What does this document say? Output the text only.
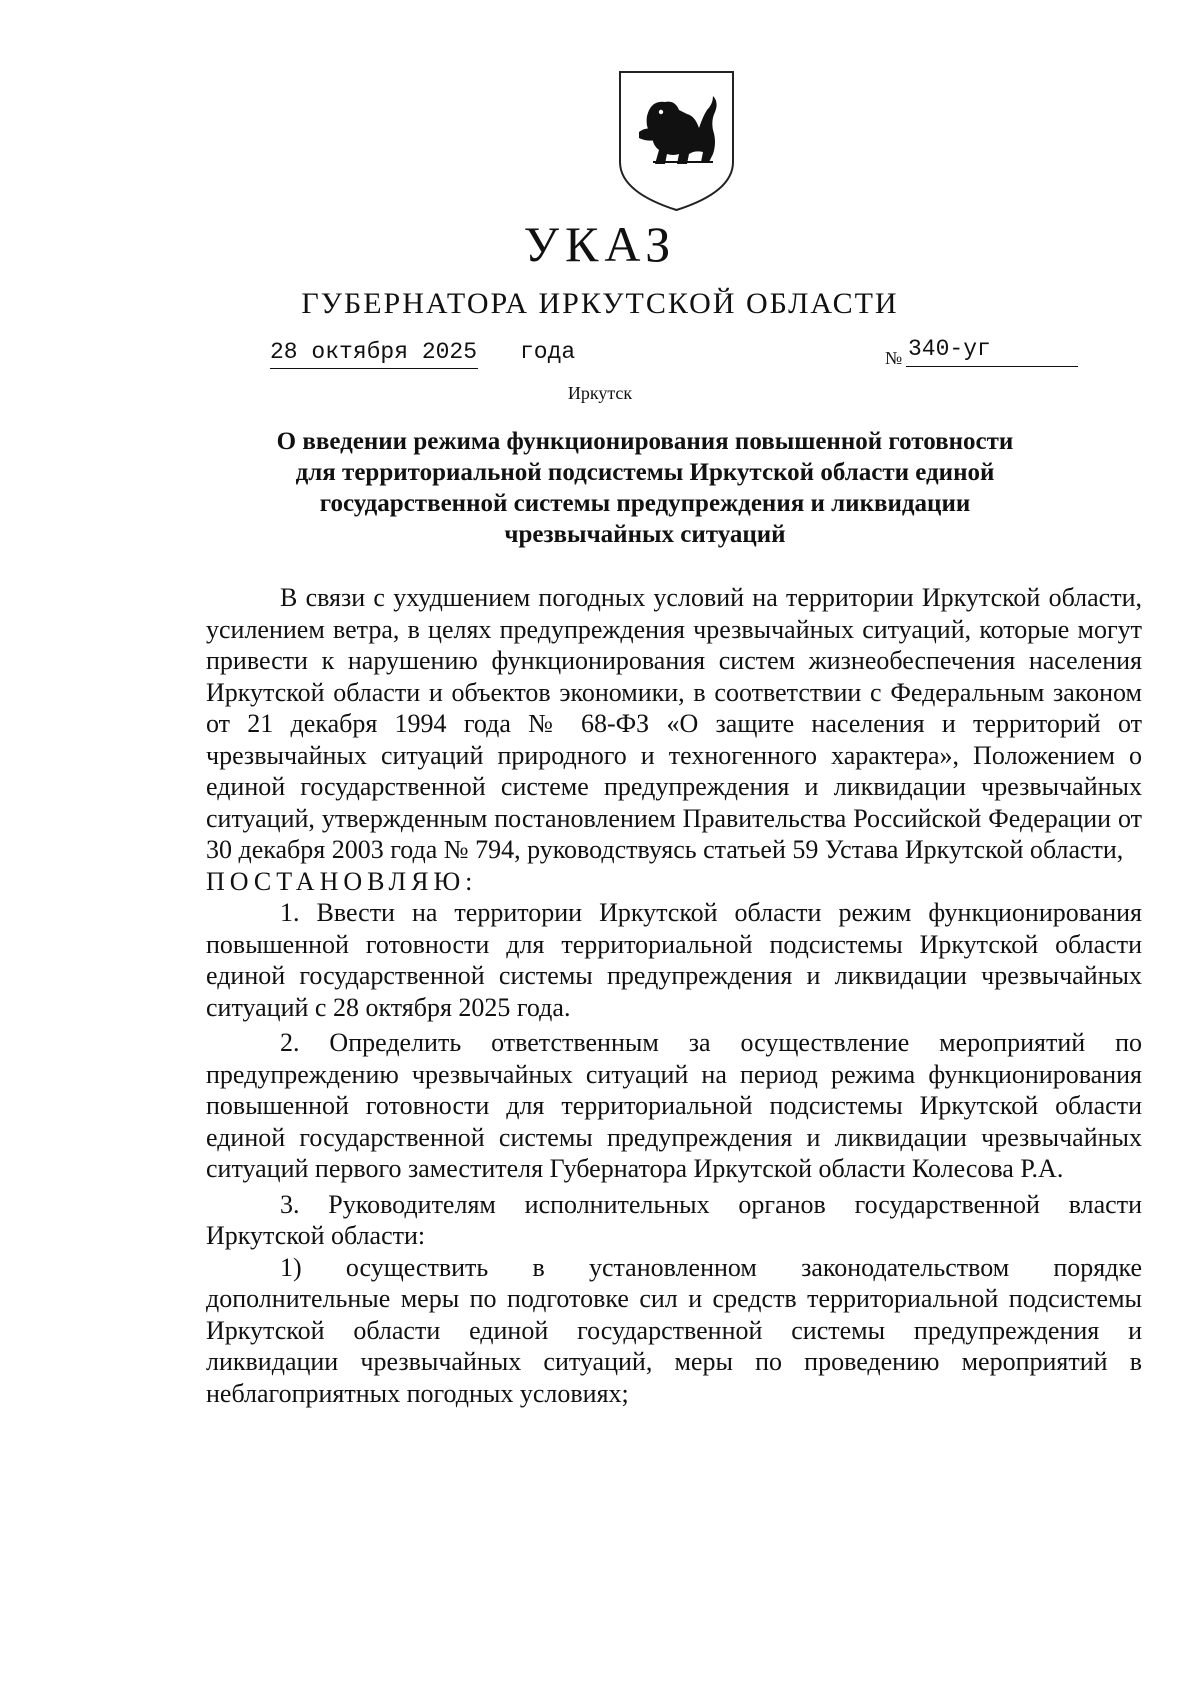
УКАЗ
ГУБЕРНАТОРА ИРКУТСКОЙ ОБЛАСТИ
28 октября 2025 года	№ 340-уг
Иркутск
О введении режима функционирования повышенной готовности
для территориальной подсистемы Иркутской области единой
государственной системы предупреждения и ликвидации
чрезвычайных ситуаций

В связи с ухудшением погодных условий на территории Иркутской области, усилением ветра, в целях предупреждения чрезвычайных ситуаций, которые могут привести к нарушению функционирования систем жизнеобеспечения населения Иркутской области и объектов экономики, в соответствии с Федеральным законом от 21 декабря 1994 года № 68-ФЗ «О защите населения и территорий от чрезвычайных ситуаций природного и техногенного характера», Положением о единой государственной системе предупреждения и ликвидации чрезвычайных ситуаций, утвержденным постановлением Правительства Российской Федерации от 30 декабря 2003 года № 794, руководствуясь статьей 59 Устава Иркутской области,

ПОСТАНОВЛЯЮ:

1. Ввести на территории Иркутской области режим функционирования повышенной готовности для территориальной подсистемы Иркутской области единой государственной системы предупреждения и ликвидации чрезвычайных ситуаций с 28 октября 2025 года.

2. Определить ответственным за осуществление мероприятий по предупреждению чрезвычайных ситуаций на период режима функционирования повышенной готовности для территориальной подсистемы Иркутской области единой государственной системы предупреждения и ликвидации чрезвычайных ситуаций первого заместителя Губернатора Иркутской области Колесова Р.А.

3. Руководителям исполнительных органов государственной власти Иркутской области:

1) осуществить в установленном законодательством порядке дополнительные меры по подготовке сил и средств территориальной подсистемы Иркутской области единой государственной системы предупреждения и ликвидации чрезвычайных ситуаций, меры по проведению мероприятий в неблагоприятных погодных условиях;
